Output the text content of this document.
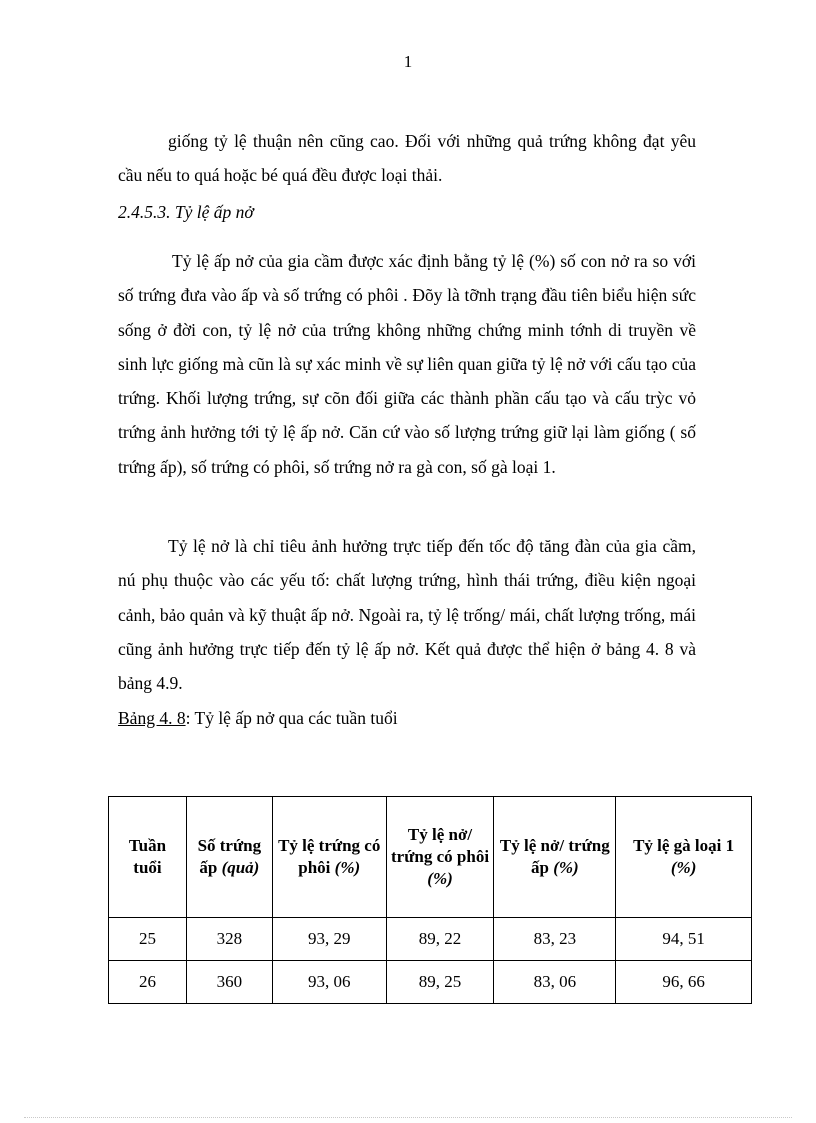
1

giống tỷ lệ thuận nên cũng cao. Đối với những quả trứng không đạt yêu cầu nếu to quá hoặc bé quá đều được loại thải.

2.4.5.3. Tỷ lệ ấp nở

Tỷ lệ ấp nở của gia cầm được xác định bằng tỷ lệ (%) số con nở ra so với số trứng đưa vào ấp và số trứng có phôi . Đõy là tỡnh trạng đầu tiên biểu hiện sức sống ở đời con, tỷ lệ nở của trứng không những chứng minh tớnh di truyền về sinh lực giống mà cũn là sự xác minh về sự liên quan giữa tỷ lệ nở với cấu tạo của trứng. Khối lượng trứng, sự cõn đối giữa các thành phần cấu tạo và cấu trỳc vỏ trứng ảnh hưởng tới tỷ lệ ấp nở. Căn cứ vào số lượng trứng giữ lại làm giống ( số trứng ấp), số trứng có phôi, số trứng nở ra gà con, số gà loại 1.

Tỷ lệ nở là chỉ tiêu ảnh hưởng trực tiếp đến tốc độ tăng đàn của gia cầm, nú phụ thuộc vào các yếu tố: chất lượng trứng, hình thái trứng, điều kiện ngoại cảnh, bảo quản và kỹ thuật ấp nở. Ngoài ra, tỷ lệ trống/ mái, chất lượng trống, mái cũng ảnh hưởng trực tiếp đến tỷ lệ ấp nở. Kết quả được thể hiện ở bảng 4. 8 và bảng 4.9.

Bảng 4. 8: Tỷ lệ ấp nở qua các tuần tuổi

Tuần tuổi	Số trứng ấp (quả)	Tỷ lệ trứng có phôi (%)	Tỷ lệ nở/ trứng có phôi (%)	Tỷ lệ nở/ trứng ấp (%)	Tỷ lệ gà loại 1
(%)
25	328	93, 29	89, 22	83, 23	94, 51
26	360	93, 06	89, 25	83, 06	96, 66
